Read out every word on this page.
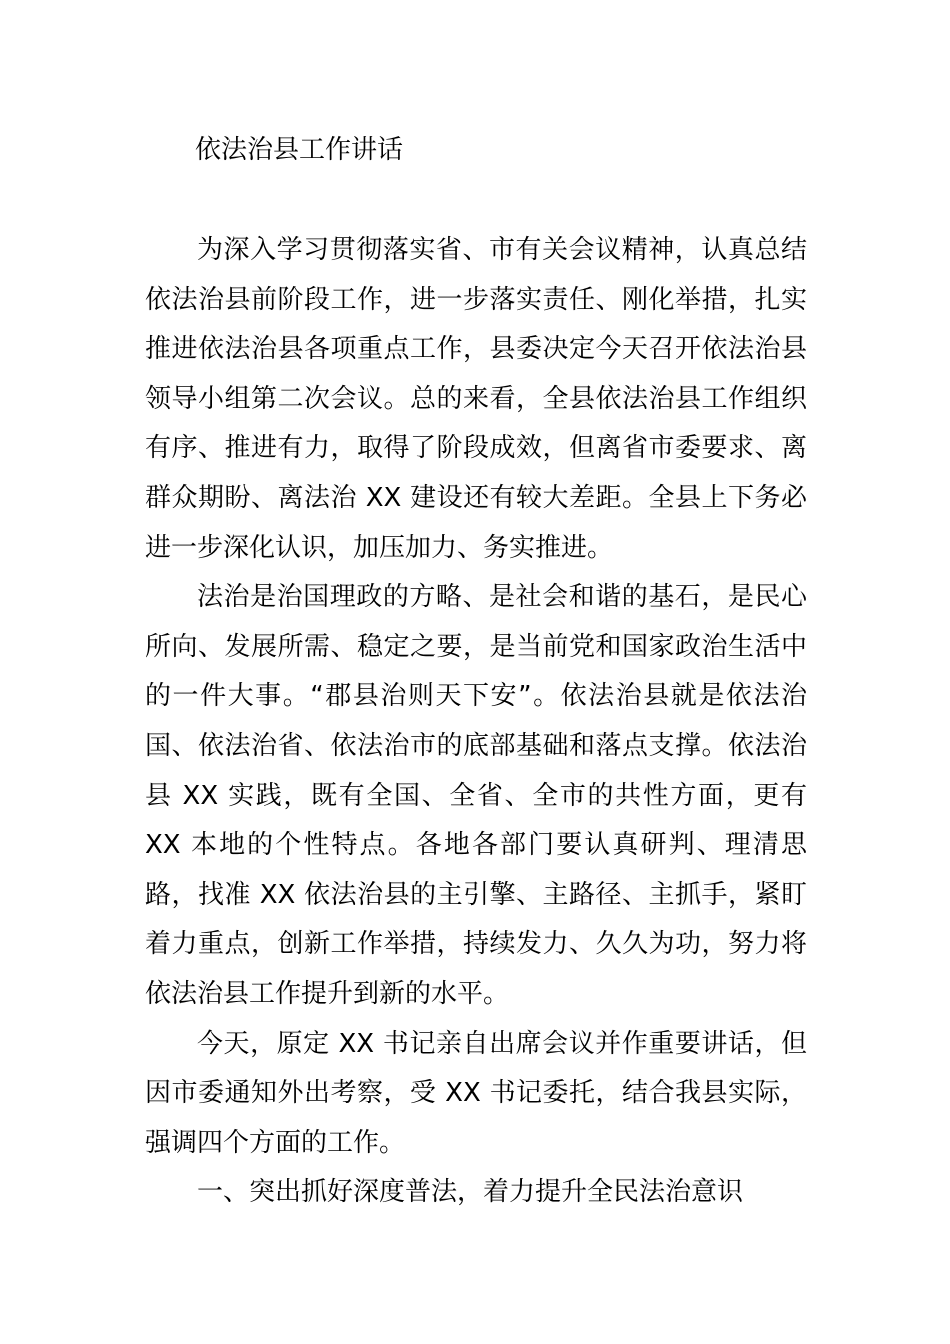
依法治县工作讲话

为深入学习贯彻落实省、市有关会议精神，认真总结依法治县前阶段工作，进一步落实责任、刚化举措，扎实推进依法治县各项重点工作，县委决定今天召开依法治县领导小组第二次会议。总的来看，全县依法治县工作组织有序、推进有力，取得了阶段成效，但离省市委要求、离群众期盼、离法治 XX 建设还有较大差距。全县上下务必进一步深化认识，加压加力、务实推进。

法治是治国理政的方略、是社会和谐的基石，是民心所向、发展所需、稳定之要，是当前党和国家政治生活中的一件大事。“郡县治则天下安”。依法治县就是依法治国、依法治省、依法治市的底部基础和落点支撑。依法治县 XX 实践，既有全国、全省、全市的共性方面，更有 XX 本地的个性特点。各地各部门要认真研判、理清思路，找准 XX 依法治县的主引擎、主路径、主抓手，紧盯着力重点，创新工作举措，持续发力、久久为功，努力将依法治县工作提升到新的水平。

今天，原定 XX 书记亲自出席会议并作重要讲话，但因市委通知外出考察，受 XX 书记委托，结合我县实际，强调四个方面的工作。

一、突出抓好深度普法，着力提升全民法治意识
